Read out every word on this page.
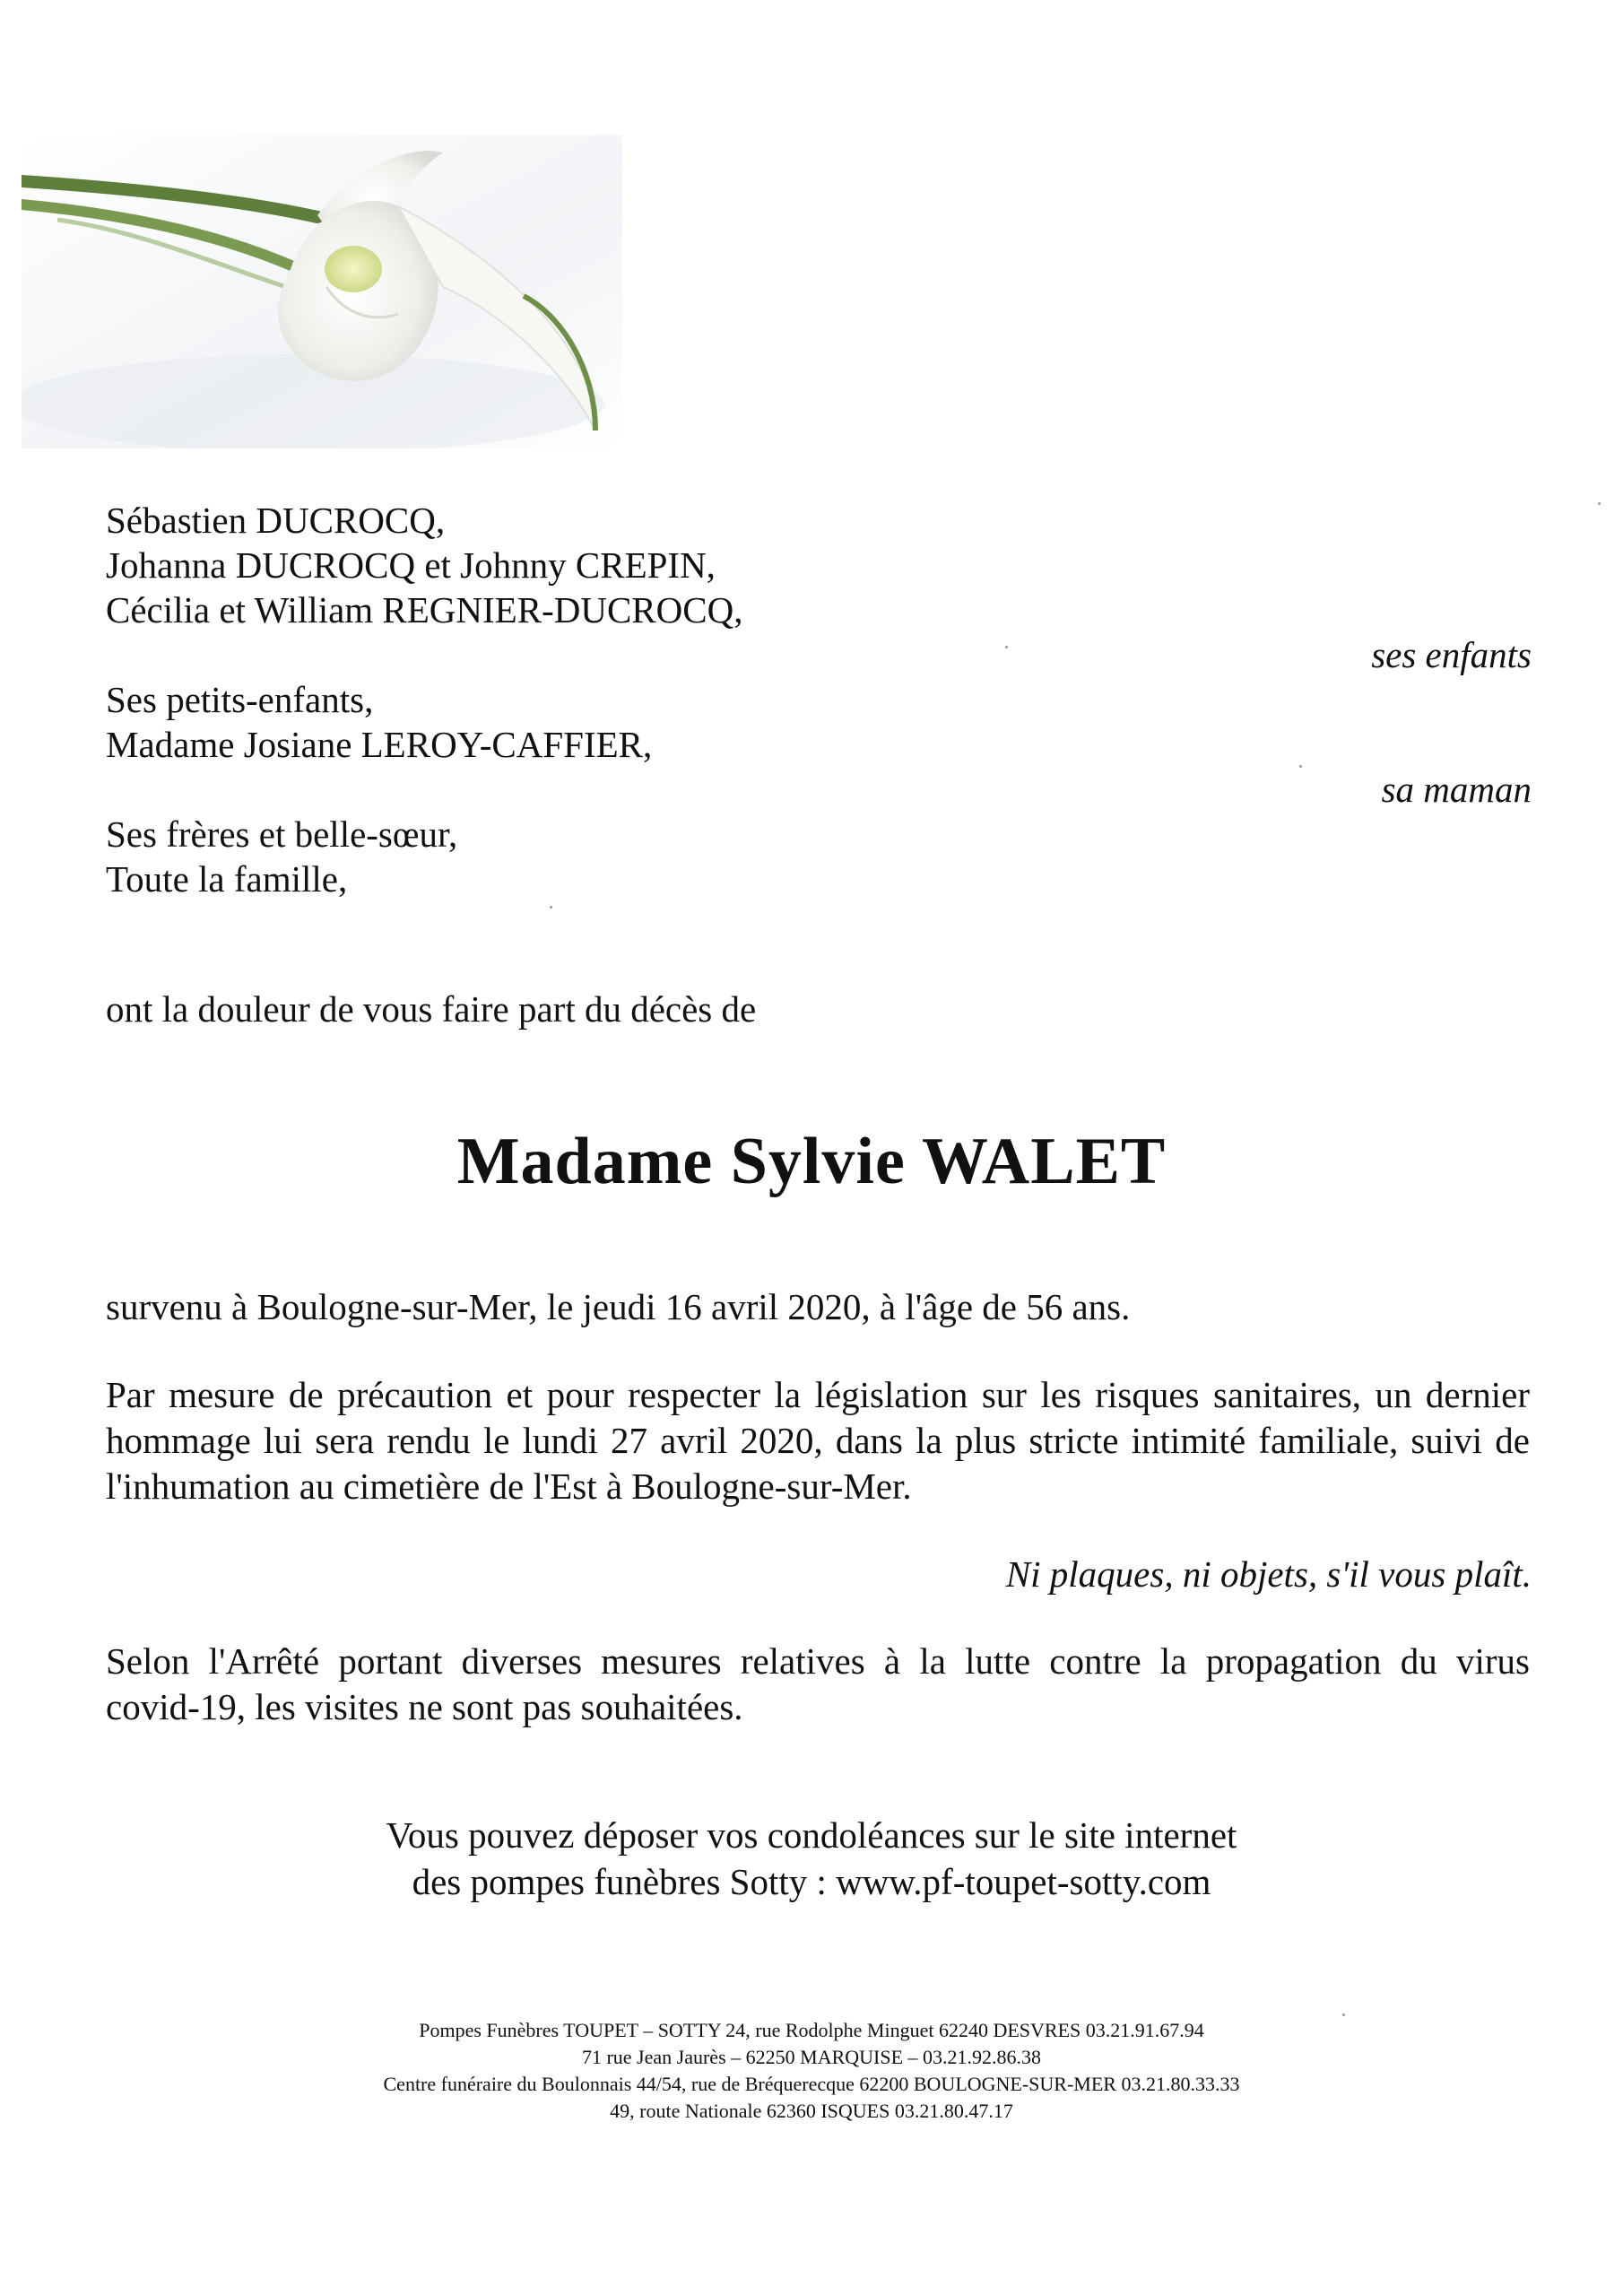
Sébastien DUCROCQ,
Johanna DUCROCQ et Johnny CREPIN,
Cécilia et William REGNIER-DUCROCQ,
ses enfants
Ses petits-enfants,
Madame Josiane LEROY-CAFFIER,
sa maman
Ses frères et belle-sœur,
Toute la famille,
ont la douleur de vous faire part du décès de
Madame Sylvie WALET
survenu à Boulogne-sur-Mer, le jeudi 16 avril 2020, à l'âge de 56 ans.
Par mesure de précaution et pour respecter la législation sur les risques sanitaires, un dernier
hommage lui sera rendu le lundi 27 avril 2020, dans la plus stricte intimité familiale, suivi de
l'inhumation au cimetière de l'Est à Boulogne-sur-Mer.
Ni plaques, ni objets, s'il vous plaît.
Selon l'Arrêté portant diverses mesures relatives à la lutte contre la propagation du virus
covid-19, les visites ne sont pas souhaitées.
Vous pouvez déposer vos condoléances sur le site internet
des pompes funèbres Sotty : www.pf-toupet-sotty.com
Pompes Funèbres TOUPET – SOTTY 24, rue Rodolphe Minguet 62240 DESVRES 03.21.91.67.94
71 rue Jean Jaurès – 62250 MARQUISE – 03.21.92.86.38
Centre funéraire du Boulonnais 44/54, rue de Bréquerecque 62200 BOULOGNE-SUR-MER 03.21.80.33.33
49, route Nationale 62360 ISQUES 03.21.80.47.17
